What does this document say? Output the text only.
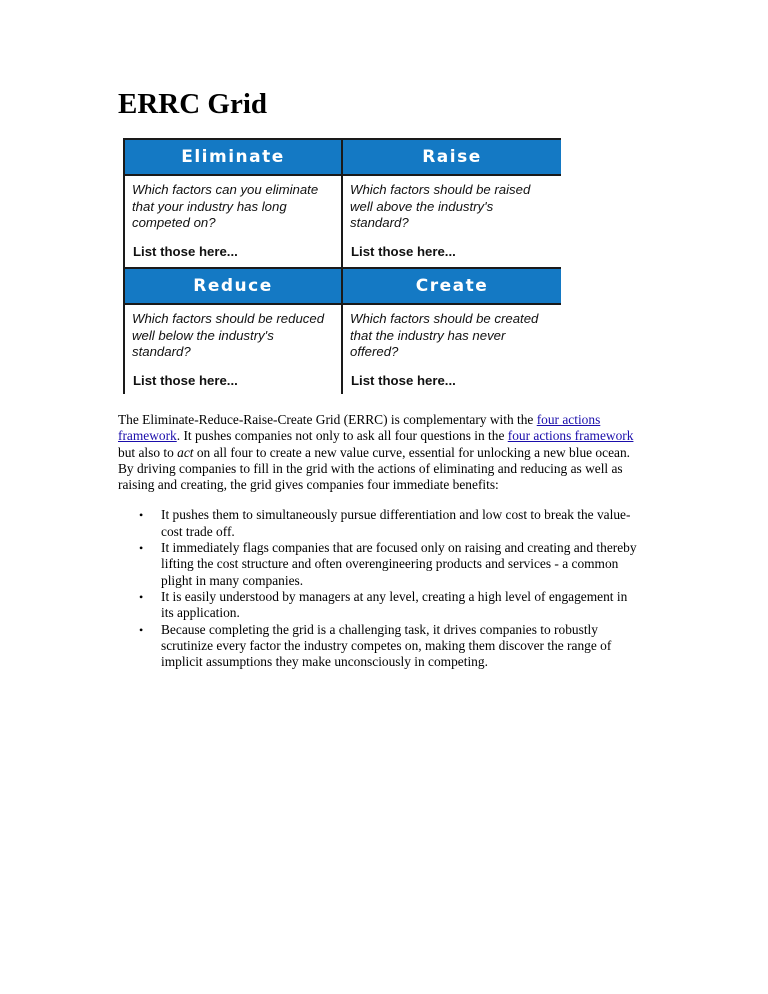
ERRC Grid
Eliminate	Raise
Which factors can you eliminate that your industry has long competed on?
List those here...
Which factors should be raised well above the industry's standard?
List those here...
Reduce	Create
Which factors should be reduced well below the industry's standard?
List those here...
Which factors should be created that the industry has never offered?
List those here...

The Eliminate-Reduce-Raise-Create Grid (ERRC) is complementary with the four actions framework. It pushes companies not only to ask all four questions in the four actions framework but also to act on all four to create a new value curve, essential for unlocking a new blue ocean. By driving companies to fill in the grid with the actions of eliminating and reducing as well as raising and creating, the grid gives companies four immediate benefits:

• It pushes them to simultaneously pursue differentiation and low cost to break the value-cost trade off.
• It immediately flags companies that are focused only on raising and creating and thereby lifting the cost structure and often overengineering products and services - a common plight in many companies.
• It is easily understood by managers at any level, creating a high level of engagement in its application.
• Because completing the grid is a challenging task, it drives companies to robustly scrutinize every factor the industry competes on, making them discover the range of implicit assumptions they make unconsciously in competing.
